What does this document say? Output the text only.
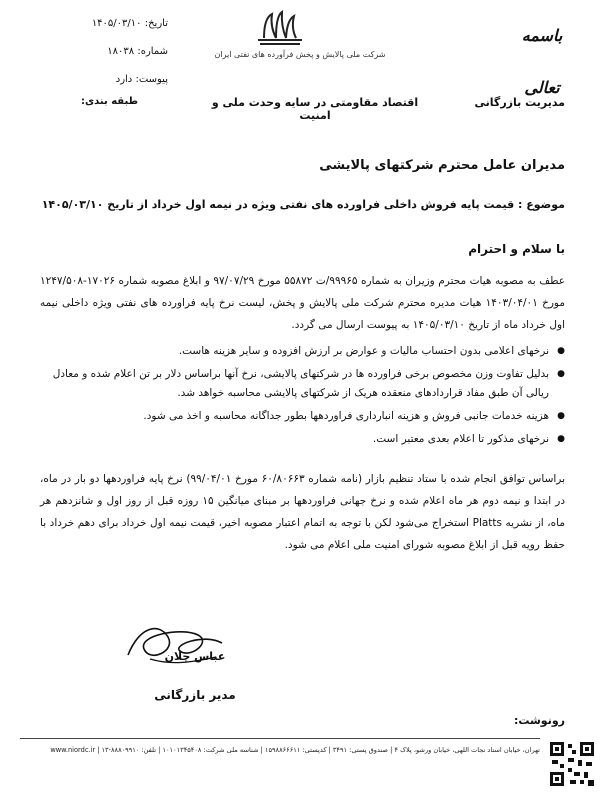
باسمه تعالی
شرکت ملی پالایش و پخش فرآورده های نفتی ایران
تاریخ: ۱۴۰۵/۰۳/۱۰
شماره: ۱۸۰۳۸
پیوست: دارد
مدیریت بازرگانی
اقتصاد مقاومتی در سایه وحدت ملی و امنیت
طبقه بندی:
مدیران عامل محترم شرکتهای پالایشی
موضوع : قیمت پایه فروش داخلی فراورده های نفتی ویژه در نیمه اول خرداد از تاریخ ۱۴۰۵/۰۳/۱۰
با سلام و احترام
عطف به مصوبه هیات محترم وزیران به شماره ۹۹۹۶۵/ت ۵۵۸۷۲ مورخ ۹۷/۰۷/۲۹ و ابلاغ مصوبه شماره ۱۷۰۲۶-۱۲۴۷/۵۰۸ مورخ ۱۴۰۳/۰۴/۰۱ هیات مدیره محترم شرکت ملی پالایش و پخش، لیست نرخ پایه فراورده های نفتی ویژه داخلی نیمه اول خرداد ماه از تاریخ ۱۴۰۵/۰۳/۱۰ به پیوست ارسال می گردد.
● نرخهای اعلامی بدون احتساب مالیات و عوارض بر ارزش افزوده و سایر هزینه هاست.
● بدلیل تفاوت وزن مخصوص برخی فراورده ها در شرکتهای پالایشی، نرخ آنها براساس دلار بر تن اعلام شده و معادل ریالی آن طبق مفاد قراردادهای منعقده هریک از شرکتهای پالایشی محاسبه خواهد شد.
● هزینه خدمات جانبی فروش و هزینه انبارداری فراوردهها بطور جداگانه محاسبه و اخذ می شود.
● نرخهای مذکور تا اعلام بعدی معتبر است.
براساس توافق انجام شده با ستاد تنظیم بازار (نامه شماره ۶۰/۸۰۶۶۳ مورخ ۹۹/۰۴/۰۱) نرخ پایه فراوردهها دو بار در ماه، در ابتدا و نیمه دوم هر ماه اعلام شده و نرخ جهانی فراوردهها بر مبنای میانگین ۱۵ روزه قبل از روز اول و شانزدهم هر ماه، از نشریه Platts استخراج می‌شود لکن با توجه به اتمام اعتبار مصوبه اخیر، قیمت نیمه اول خرداد برای دهم خرداد با حفظ رویه قبل از ابلاغ مصوبه شورای امنیت ملی اعلام می شود.
عباس چلان
مدیر بازرگانی
رونوشت:
تهران، خیابان استاد نجات اللهی، خیابان ورشو، پلاک ۴ | صندوق پستی: ۳۴۹۱ | کدپستی: ۱۵۹۸۸۶۶۶۱۱ | شناسه ملی شرکت: ۱۰۱۰۱۳۴۵۴۰۸ | تلفن: ۸۸۸۰۹۹۱۰-۱۳ | www.niordc.ir
